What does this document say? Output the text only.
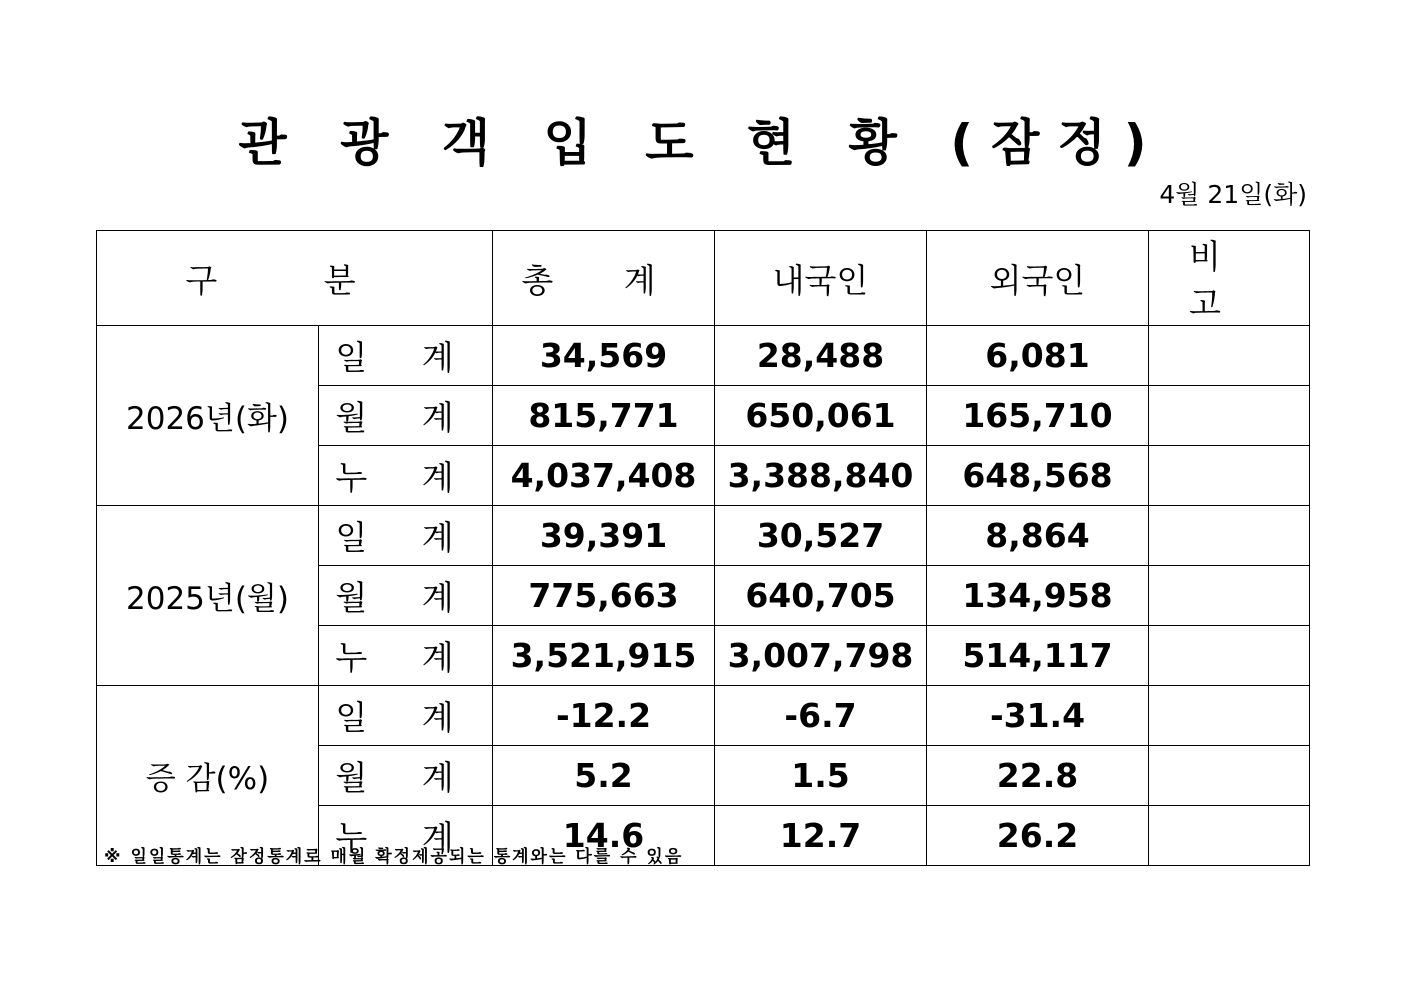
관 광 객 입 도 현 황 (잠정)
4월 21일(화)
구 분		총 계	내국인	외국인	비 고
2026년(화)	일 계	34,569	28,488	6,081	
	월 계	815,771	650,061	165,710	
	누 계	4,037,408	3,388,840	648,568	
2025년(월)	일 계	39,391	30,527	8,864	
	월 계	775,663	640,705	134,958	
	누 계	3,521,915	3,007,798	514,117	
증 감(%)	일 계	-12.2	-6.7	-31.4	
	월 계	5.2	1.5	22.8	
	누 계	14.6	12.7	26.2	
※ 일일통계는 잠정통계로 매월 확정제공되는 통계와는 다를 수 있음
